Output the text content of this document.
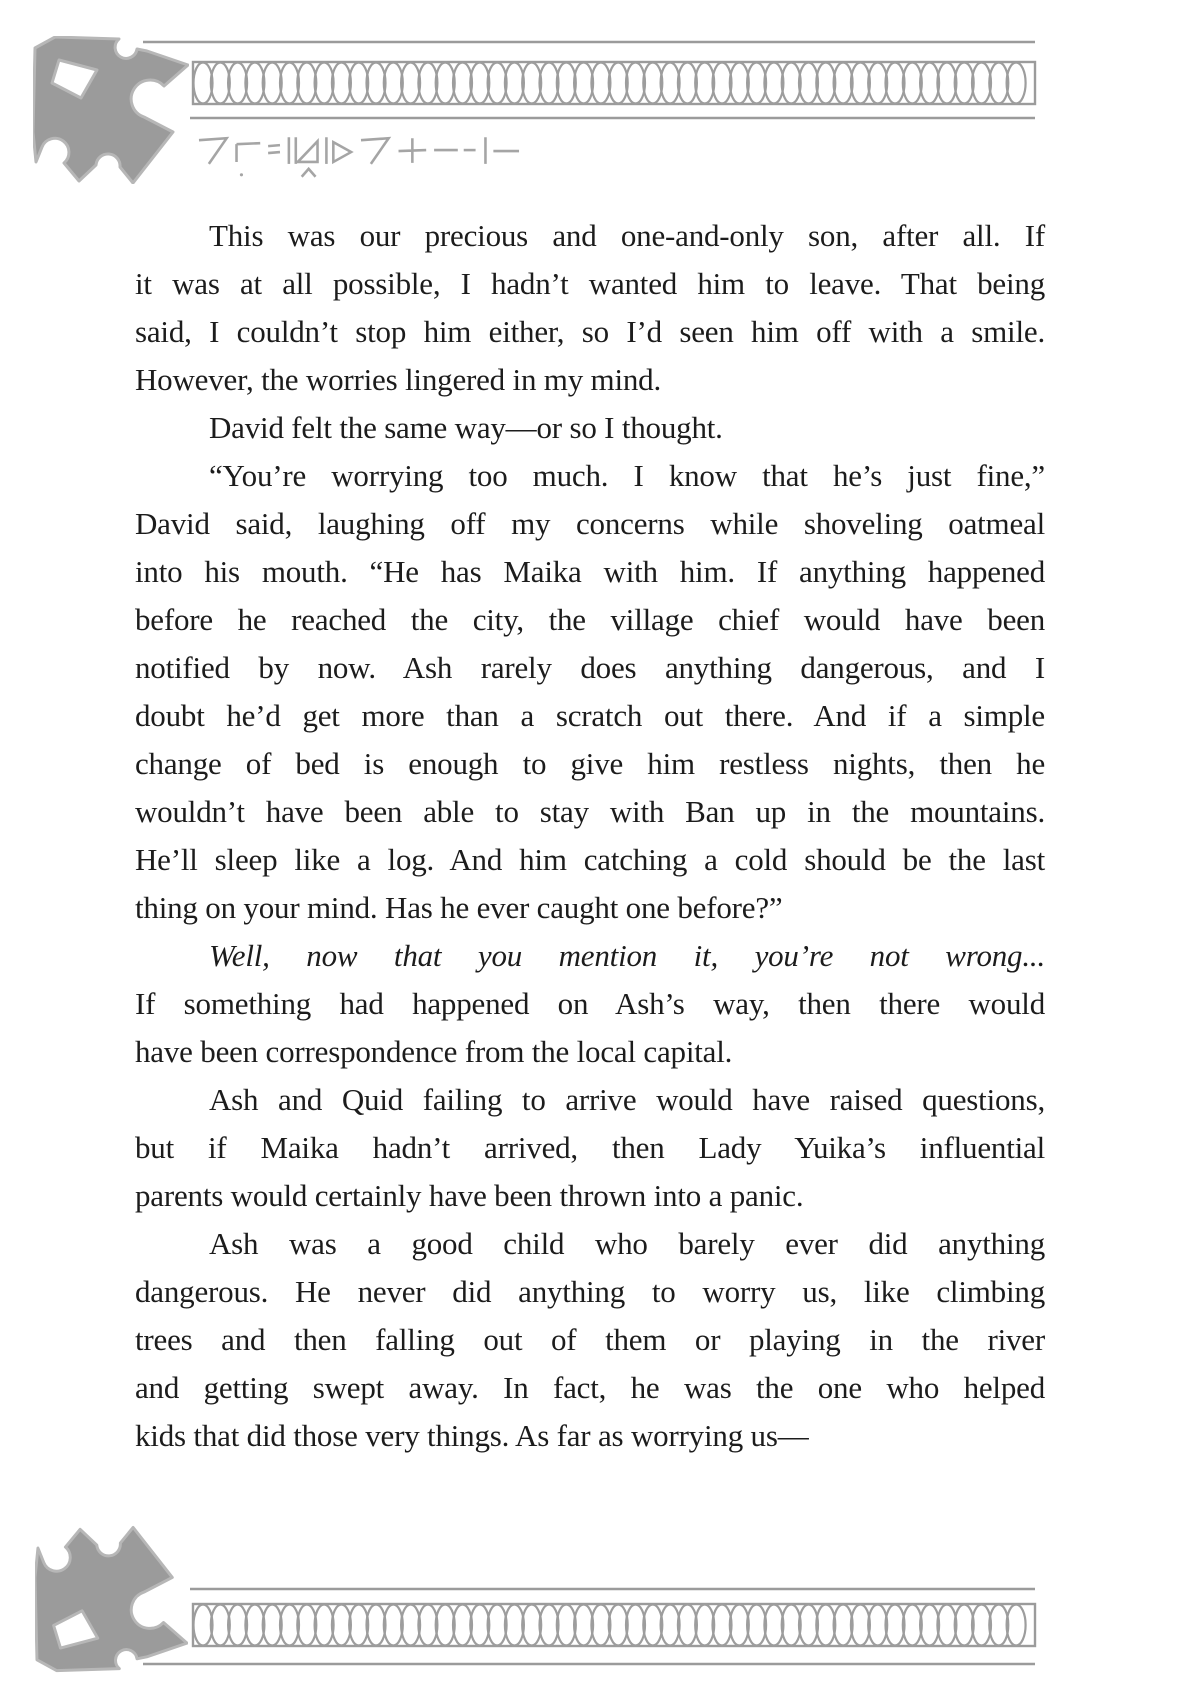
This was our precious and one-and-only son, after all. If
it was at all possible, I hadn’t wanted him to leave. That being
said, I couldn’t stop him either, so I’d seen him off with a smile.
However, the worries lingered in my mind.

David felt the same way—or so I thought.

“You’re worrying too much. I know that he’s just fine,”
David said, laughing off my concerns while shoveling oatmeal
into his mouth. “He has Maika with him. If anything happened
before he reached the city, the village chief would have been
notified by now. Ash rarely does anything dangerous, and I
doubt he’d get more than a scratch out there. And if a simple
change of bed is enough to give him restless nights, then he
wouldn’t have been able to stay with Ban up in the mountains.
He’ll sleep like a log. And him catching a cold should be the last
thing on your mind. Has he ever caught one before?”

Well, now that you mention it, you’re not wrong...
If something had happened on Ash’s way, then there would
have been correspondence from the local capital.

Ash and Quid failing to arrive would have raised questions,
but if Maika hadn’t arrived, then Lady Yuika’s influential
parents would certainly have been thrown into a panic.

Ash was a good child who barely ever did anything
dangerous. He never did anything to worry us, like climbing
trees and then falling out of them or playing in the river
and getting swept away. In fact, he was the one who helped
kids that did those very things. As far as worrying us—
